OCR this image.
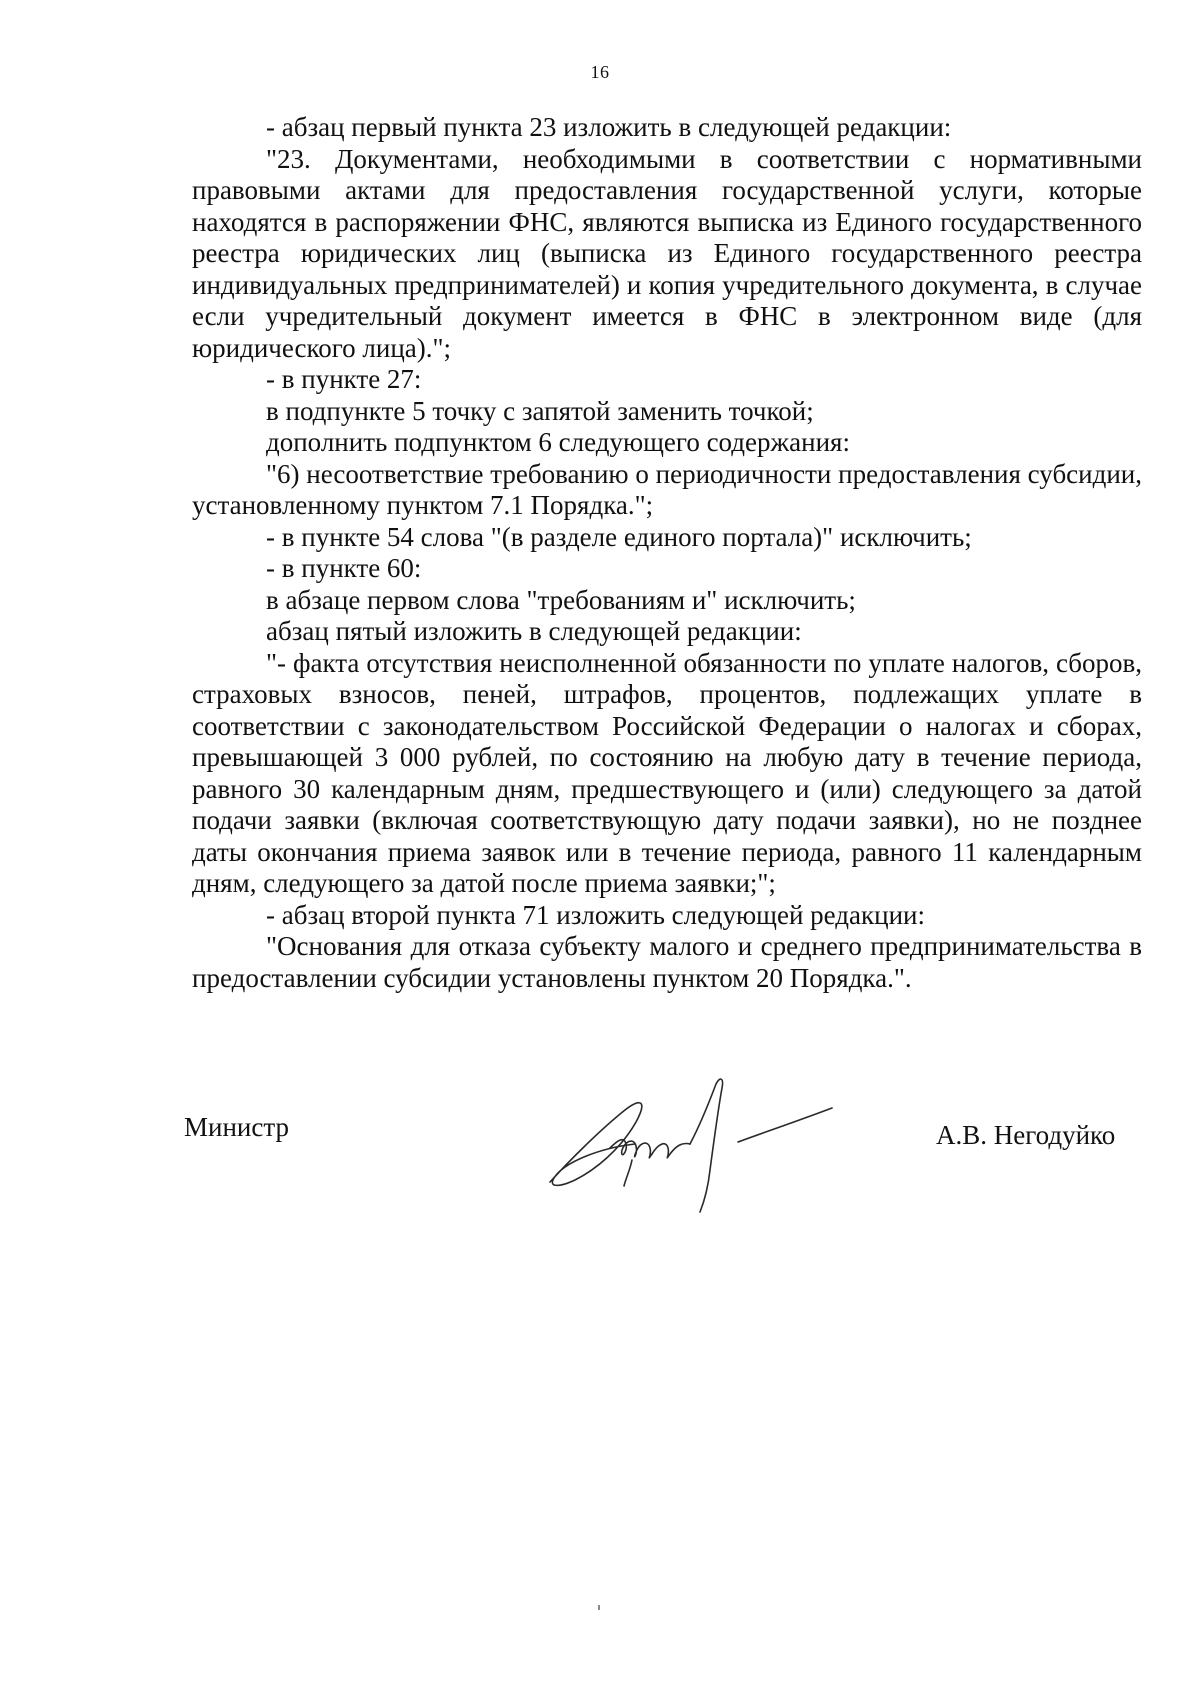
16

- абзац первый пункта 23 изложить в следующей редакции:

"23. Документами, необходимыми в соответствии с нормативными правовыми актами для предоставления государственной услуги, которые находятся в распоряжении ФНС, являются выписка из Единого государственного реестра юридических лиц (выписка из Единого государственного реестра индивидуальных предпринимателей) и копия учредительного документа, в случае если учредительный документ имеется в ФНС в электронном виде (для юридического лица).";

- в пункте 27:

в подпункте 5 точку с запятой заменить точкой;

дополнить подпунктом 6 следующего содержания:

"6) несоответствие требованию о периодичности предоставления субсидии, установленному пунктом 7.1 Порядка.";

- в пункте 54 слова "(в разделе единого портала)" исключить;

- в пункте 60:

в абзаце первом слова "требованиям и" исключить;

абзац пятый изложить в следующей редакции:

"- факта отсутствия неисполненной обязанности по уплате налогов, сборов, страховых взносов, пеней, штрафов, процентов, подлежащих уплате в соответствии с законодательством Российской Федерации о налогах и сборах, превышающей 3 000 рублей, по состоянию на любую дату в течение периода, равного 30 календарным дням, предшествующего и (или) следующего за датой подачи заявки (включая соответствующую дату подачи заявки), но не позднее даты окончания приема заявок или в течение периода, равного 11 календарным дням, следующего за датой после приема заявки;";

- абзац второй пункта 71 изложить следующей редакции:

"Основания для отказа субъекту малого и среднего предпринимательства в предоставлении субсидии установлены пунктом 20 Порядка.".

Министр	А.В. Негодуйко
